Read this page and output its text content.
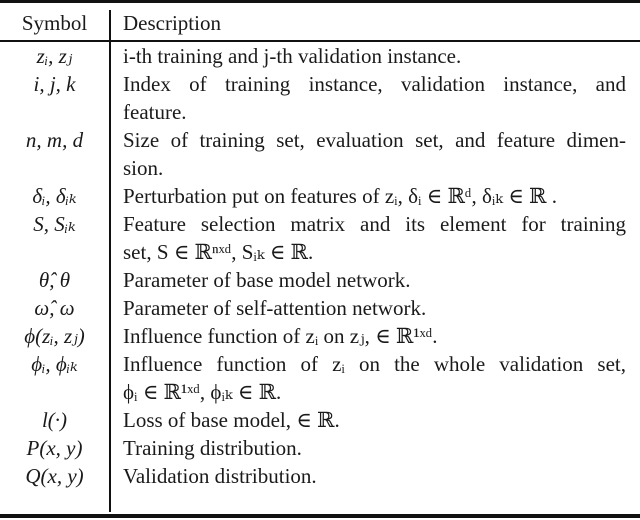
Symbol	Description
zᵢ, zⱼ	i-th training and j-th validation instance.
i, j, k	Index of training instance, validation instance, and
feature.
n, m, d	Size of training set, evaluation set, and feature dimen-
sion.
δᵢ, δᵢₖ	Perturbation put on features of zᵢ, δᵢ ∈ ℝᵈ, δᵢₖ ∈ ℝ .
S, Sᵢₖ	Feature selection matrix and its element for training
set, S ∈ ℝⁿˣᵈ, Sᵢₖ ∈ ℝ.
θ̂, θ	Parameter of base model network.
ω̂, ω	Parameter of self-attention network.
ϕ(zᵢ, zⱼ)	Influence function of zᵢ on zⱼ, ∈ ℝ¹ˣᵈ.
ϕᵢ, ϕᵢₖ	Influence function of zᵢ on the whole validation set,
ϕᵢ ∈ ℝ¹ˣᵈ, ϕᵢₖ ∈ ℝ.
l(·)	Loss of base model, ∈ ℝ.
P(x, y)	Training distribution.
Q(x, y)	Validation distribution.
